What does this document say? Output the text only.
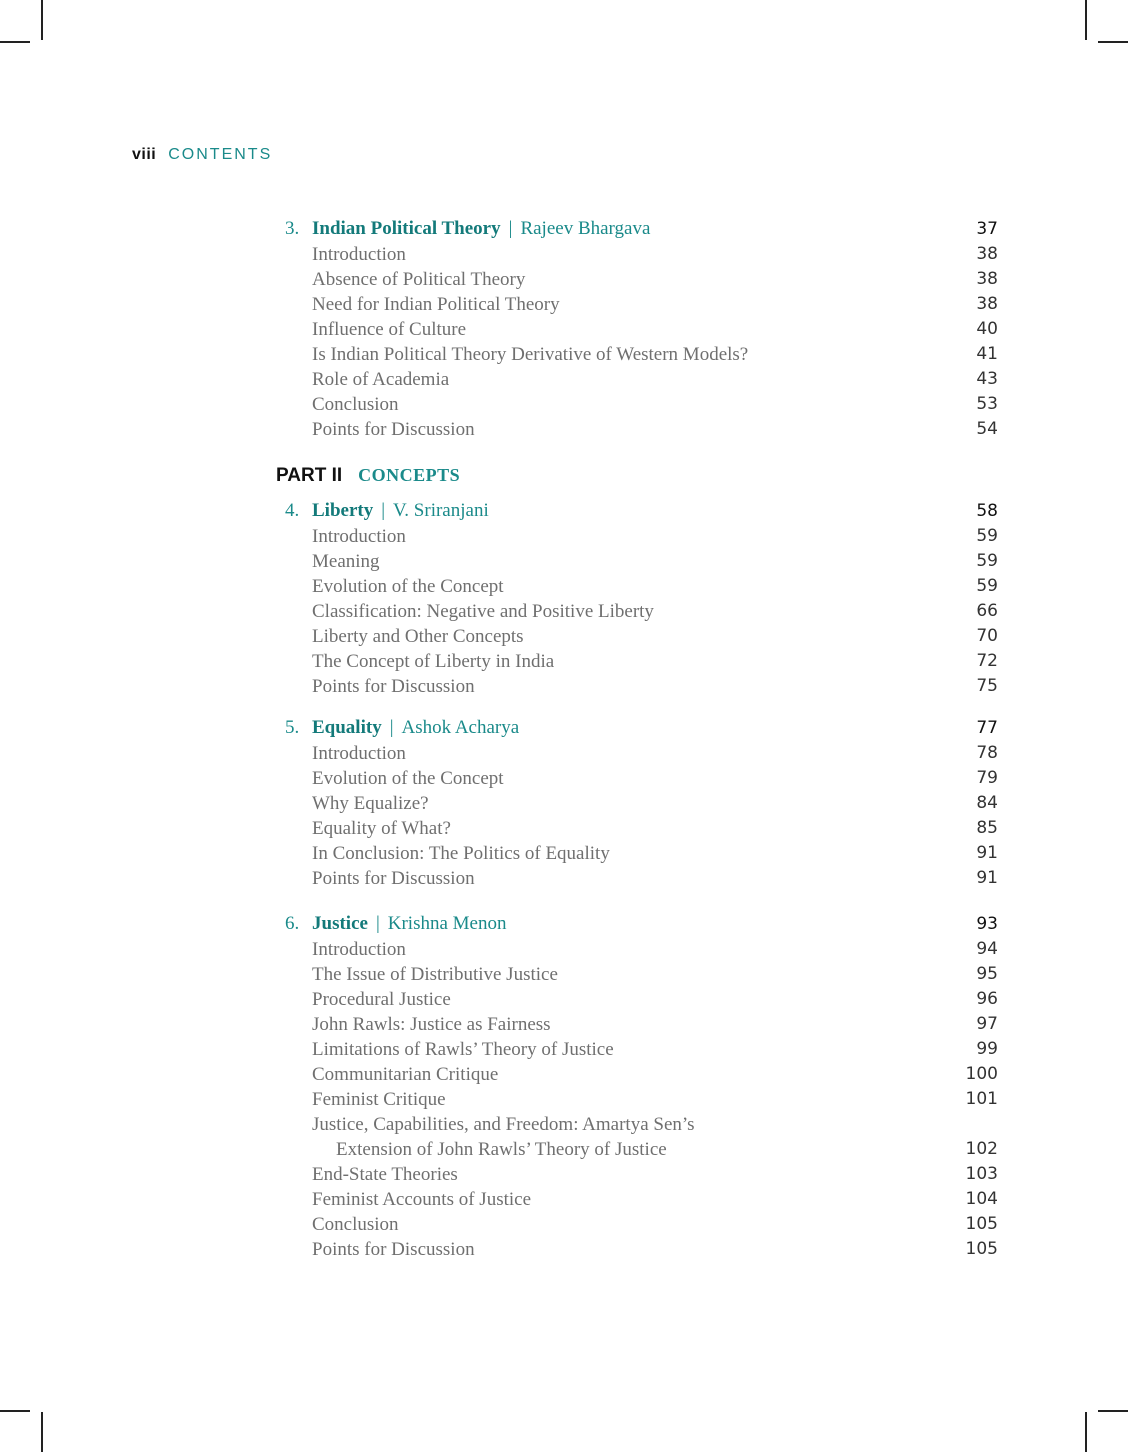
viii CONTENTS
3. Indian Political Theory | Rajeev Bhargava	37
Introduction	38
Absence of Political Theory	38
Need for Indian Political Theory	38
Influence of Culture	40
Is Indian Political Theory Derivative of Western Models?	41
Role of Academia	43
Conclusion	53
Points for Discussion	54
PART II CONCEPTS
4. Liberty | V. Sriranjani	58
Introduction	59
Meaning	59
Evolution of the Concept	59
Classification: Negative and Positive Liberty	66
Liberty and Other Concepts	70
The Concept of Liberty in India	72
Points for Discussion	75
5. Equality | Ashok Acharya	77
Introduction	78
Evolution of the Concept	79
Why Equalize?	84
Equality of What?	85
In Conclusion: The Politics of Equality	91
Points for Discussion	91
6. Justice | Krishna Menon	93
Introduction	94
The Issue of Distributive Justice	95
Procedural Justice	96
John Rawls: Justice as Fairness	97
Limitations of Rawls’ Theory of Justice	99
Communitarian Critique	100
Feminist Critique	101
Justice, Capabilities, and Freedom: Amartya Sen’s
Extension of John Rawls’ Theory of Justice	102
End-State Theories	103
Feminist Accounts of Justice	104
Conclusion	105
Points for Discussion	105
